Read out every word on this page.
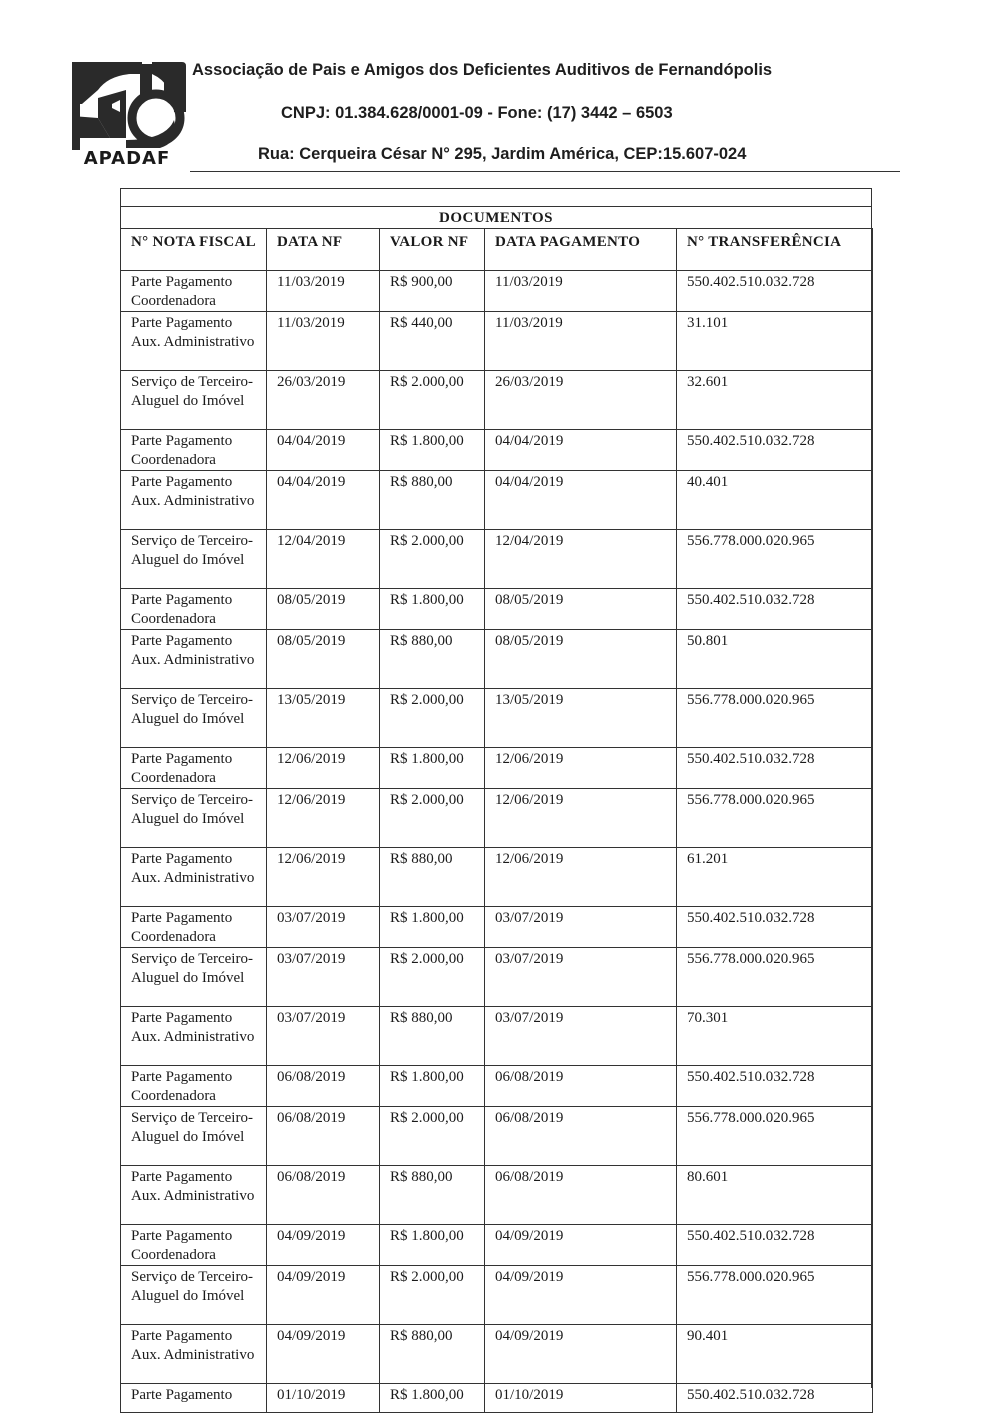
APADAF
Associação de Pais e Amigos dos Deficientes Auditivos de Fernandópolis
CNPJ: 01.384.628/0001-09 - Fone: (17) 3442 – 6503
Rua: Cerqueira César N° 295, Jardim América, CEP:15.607-024
DOCUMENTOS
N° NOTA FISCAL	DATA NF	VALOR NF	DATA PAGAMENTO	N° TRANSFERÊNCIA
Parte Pagamento Coordenadora	11/03/2019	R$ 900,00	11/03/2019	550.402.510.032.728
Parte Pagamento Aux. Administrativo	11/03/2019	R$ 440,00	11/03/2019	31.101
Serviço de Terceiro-Aluguel do Imóvel	26/03/2019	R$ 2.000,00	26/03/2019	32.601
Parte Pagamento Coordenadora	04/04/2019	R$ 1.800,00	04/04/2019	550.402.510.032.728
Parte Pagamento Aux. Administrativo	04/04/2019	R$ 880,00	04/04/2019	40.401
Serviço de Terceiro-Aluguel do Imóvel	12/04/2019	R$ 2.000,00	12/04/2019	556.778.000.020.965
Parte Pagamento Coordenadora	08/05/2019	R$ 1.800,00	08/05/2019	550.402.510.032.728
Parte Pagamento Aux. Administrativo	08/05/2019	R$ 880,00	08/05/2019	50.801
Serviço de Terceiro-Aluguel do Imóvel	13/05/2019	R$ 2.000,00	13/05/2019	556.778.000.020.965
Parte Pagamento Coordenadora	12/06/2019	R$ 1.800,00	12/06/2019	550.402.510.032.728
Serviço de Terceiro-Aluguel do Imóvel	12/06/2019	R$ 2.000,00	12/06/2019	556.778.000.020.965
Parte Pagamento Aux. Administrativo	12/06/2019	R$ 880,00	12/06/2019	61.201
Parte Pagamento Coordenadora	03/07/2019	R$ 1.800,00	03/07/2019	550.402.510.032.728
Serviço de Terceiro-Aluguel do Imóvel	03/07/2019	R$ 2.000,00	03/07/2019	556.778.000.020.965
Parte Pagamento Aux. Administrativo	03/07/2019	R$ 880,00	03/07/2019	70.301
Parte Pagamento Coordenadora	06/08/2019	R$ 1.800,00	06/08/2019	550.402.510.032.728
Serviço de Terceiro-Aluguel do Imóvel	06/08/2019	R$ 2.000,00	06/08/2019	556.778.000.020.965
Parte Pagamento Aux. Administrativo	06/08/2019	R$ 880,00	06/08/2019	80.601
Parte Pagamento Coordenadora	04/09/2019	R$ 1.800,00	04/09/2019	550.402.510.032.728
Serviço de Terceiro-Aluguel do Imóvel	04/09/2019	R$ 2.000,00	04/09/2019	556.778.000.020.965
Parte Pagamento Aux. Administrativo	04/09/2019	R$ 880,00	04/09/2019	90.401
Parte Pagamento	01/10/2019	R$ 1.800,00	01/10/2019	550.402.510.032.728
